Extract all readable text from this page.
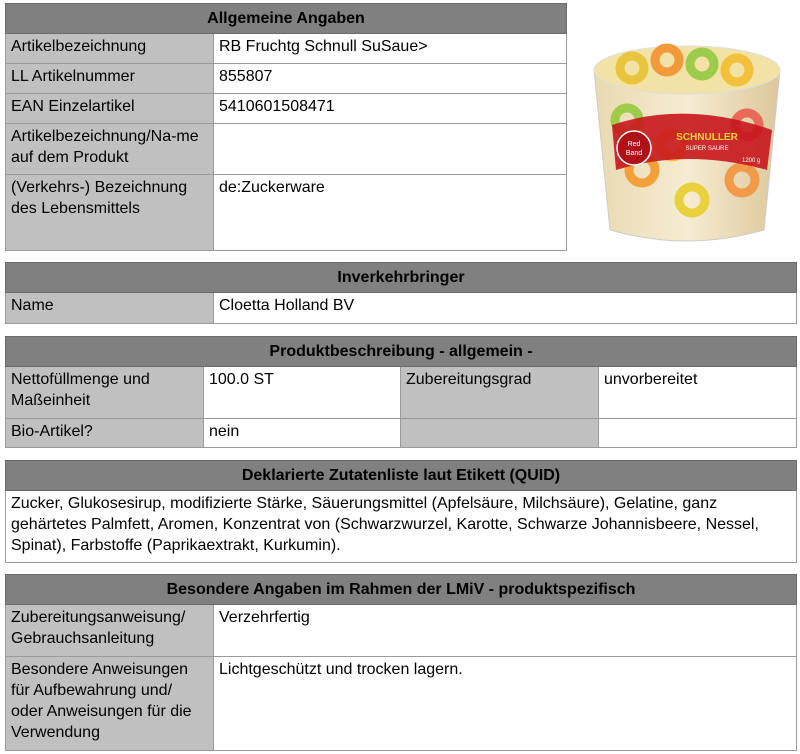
Allgemeine Angaben	
Artikelbezeichnung	RB Fruchtg Schnull SuSaue>
LL Artikelnummer	855807
EAN Einzelartikel	5410601508471
Artikelbezeichnung/Na-me auf dem Produkt	
(Verkehrs-) Bezeichnung des Lebensmittels	de:Zuckerware
Red
Band
SCHNULLER
SUPER SAURE
1200 g
Inverkehrbringer
Name	Cloetta Holland BV
Produktbeschreibung - allgemein -			
Nettofüllmenge und Maßeinheit	100.0 ST	Zubereitungsgrad	unvorbereitet
Bio-Artikel?	nein		
Deklarierte Zutatenliste laut Etikett (QUID)
Zucker, Glukosesirup, modifizierte Stärke, Säuerungsmittel (Apfelsäure, Milchsäure), Gelatine, ganz gehärtetes Palmfett, Aromen, Konzentrat von (Schwarzwurzel, Karotte, Schwarze Johannisbeere, Nessel, Spinat), Farbstoffe (Paprikaextrakt, Kurkumin).
Besondere Angaben im Rahmen der LMiV - produktspezifisch	
Zubereitungsanweisung/ Gebrauchsanleitung	Verzehrfertig
Besondere Anweisungen für Aufbewahrung und/ oder Anweisungen für die Verwendung	Lichtgeschützt und trocken lagern.
